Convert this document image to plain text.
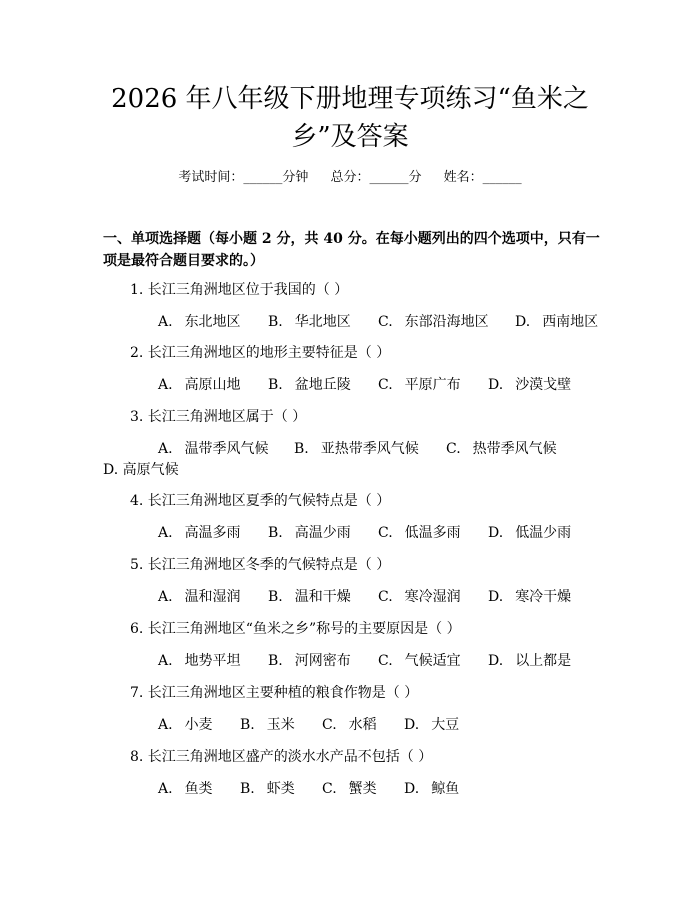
2026 年八年级下册地理专项练习“鱼米之
乡”及答案
考试时间：______分钟 总分：______分 姓名：______
一、单项选择题（每小题 2 分，共 40 分。在每小题列出的四个选项中，只有一项是最符合题目要求的。）
1. 长江三角洲地区位于我国的（ ）
A. 东北地区 B. 华北地区 C. 东部沿海地区 D. 西南地区
2. 长江三角洲地区的地形主要特征是（ ）
A. 高原山地 B. 盆地丘陵 C. 平原广布 D. 沙漠戈壁
3. 长江三角洲地区属于（ ）
A. 温带季风气候 B. 亚热带季风气候 C. 热带季风气候D. 高原气候
4. 长江三角洲地区夏季的气候特点是（ ）
A. 高温多雨 B. 高温少雨 C. 低温多雨 D. 低温少雨
5. 长江三角洲地区冬季的气候特点是（ ）
A. 温和湿润 B. 温和干燥 C. 寒冷湿润 D. 寒冷干燥
6. 长江三角洲地区“鱼米之乡”称号的主要原因是（ ）
A. 地势平坦 B. 河网密布 C. 气候适宜 D. 以上都是
7. 长江三角洲地区主要种植的粮食作物是（ ）
A. 小麦 B. 玉米 C. 水稻 D. 大豆
8. 长江三角洲地区盛产的淡水水产品不包括（ ）
A. 鱼类 B. 虾类 C. 蟹类 D. 鲸鱼
